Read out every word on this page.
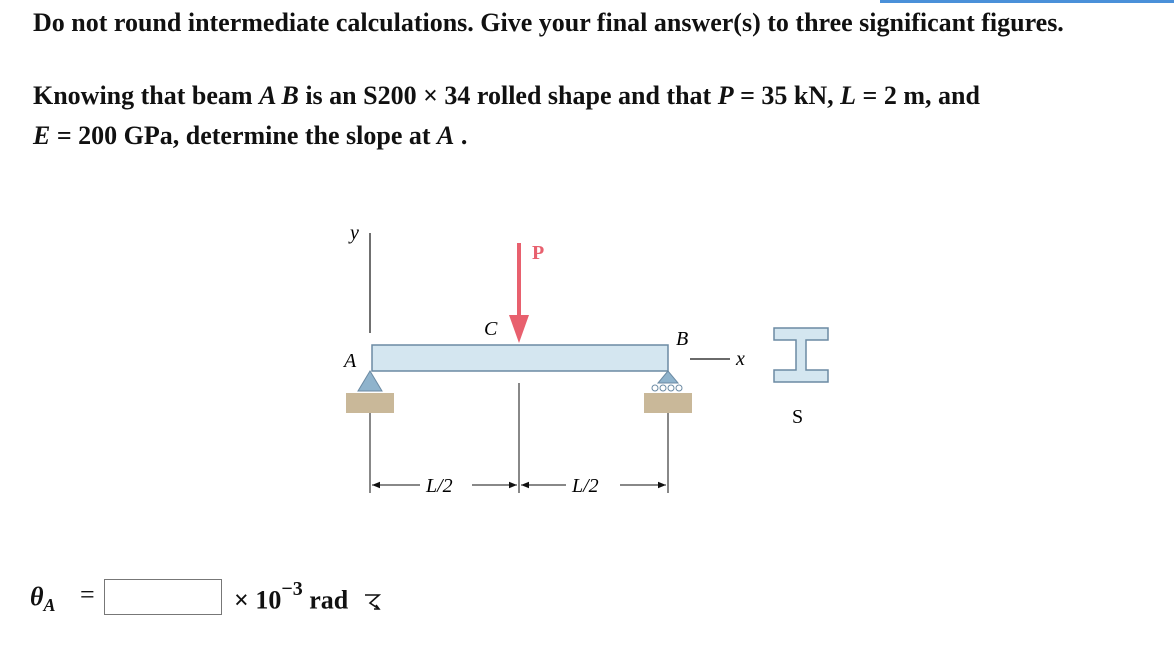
Do not round intermediate calculations. Give your final answer(s) to three significant figures.
Knowing that beam A B is an S200 × 34 rolled shape and that P = 35 kN, L = 2 m, and
E = 200 GPa, determine the slope at A .
y
A
B
C
P
x
L/2	L/2
S
$\theta_A$ =	× $10^{-3}$ rad
